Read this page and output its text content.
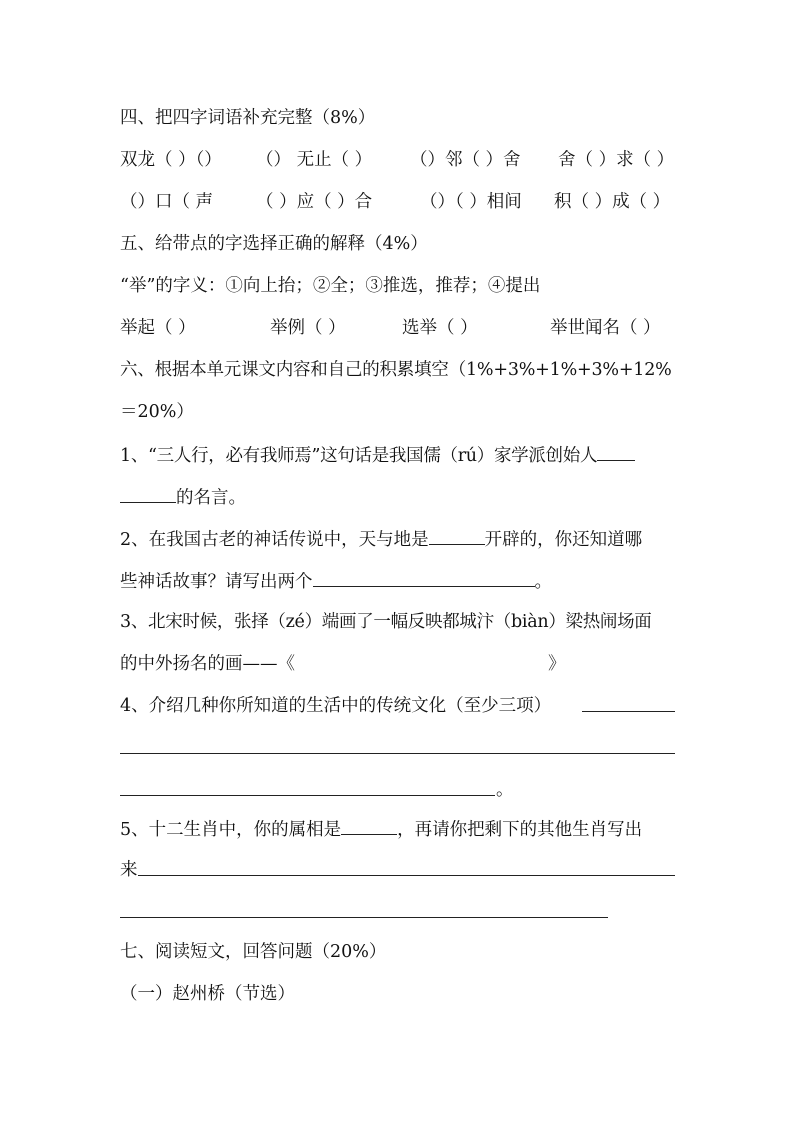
四、把四字词语补充完整（8%）
双龙（ ）（） （） 无止（ ） （）邻（ ）舍 舍（ ）求（ ）
（）口（ 声 （ ）应（ ）合	（）（ ）相间 积（ ）成（ ）
五、给带点的字选择正确的解释（4%）
“举”的字义：①向上抬；②全；③推选，推荐；④提出
举起（ ）	举例（ ）	选举（ ）	举世闻名（ ）
六、根据本单元课文内容和自己的积累填空（1%+3%+1%+3%+12%
＝20%）
1、“三人行，必有我师焉”这句话是我国儒（rú）家学派创始人
的名言。
2、在我国古老的神话传说中，天与地是	开辟的，你还知道哪
些神话故事？请写出两个	。
3、北宋时候，张择（zé）端画了一幅反映都城汴（biàn）梁热闹场面
的中外扬名的画——《	》
4、介绍几种你所知道的生活中的传统文化（至少三项）
。
5、十二生肖中，你的属相是	，再请你把剩下的其他生肖写出
来
七、阅读短文，回答问题（20%）
（一）赵州桥（节选）
